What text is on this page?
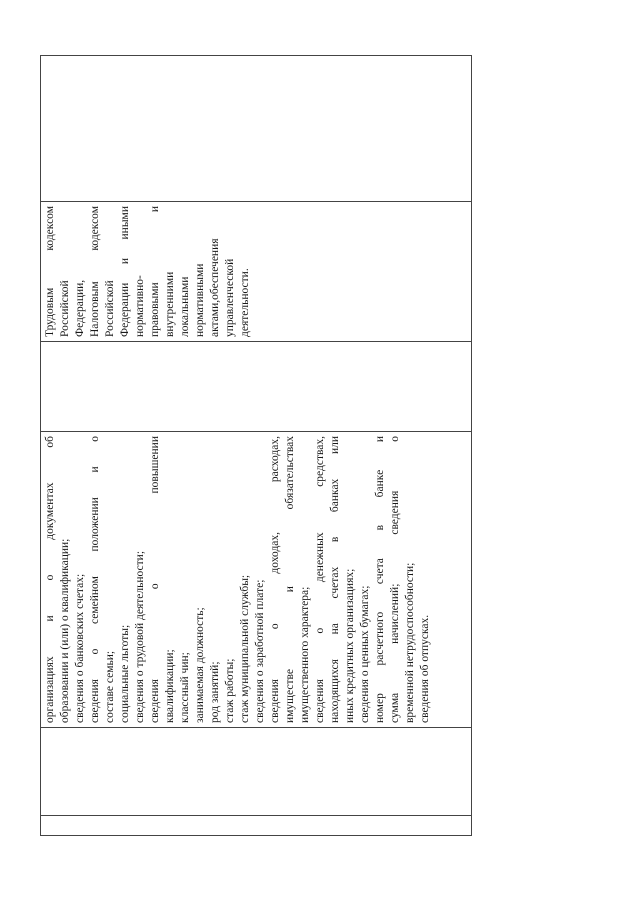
организациях и о документах об образовании и (или) о квалификации; сведения о банковских счетах; сведения о семейном положении и о составе семьи; социальные льготы; сведения о трудовой деятельности; сведения о повышении квалификации; классный чин; занимаемая должность; род занятий; стаж работы; стаж муниципальной службы; сведения о заработной плате; сведения о доходах, расходах, имуществе и обязательствах имущественного характера; сведения о денежных средствах, находящихся на счетах в банках или иных кредитных организациях; сведения о ценных бумагах; номер расчетного счета в банке и сумма начислений; сведения о временной нетрудоспособности; сведения об отпусках.

Трудовым кодексом Российской Федерации, Налоговым кодексом Российской Федерации и иными нормативно- правовыми и внутренними локальными нормативными актами,обеспечения управленческой деятельности.
